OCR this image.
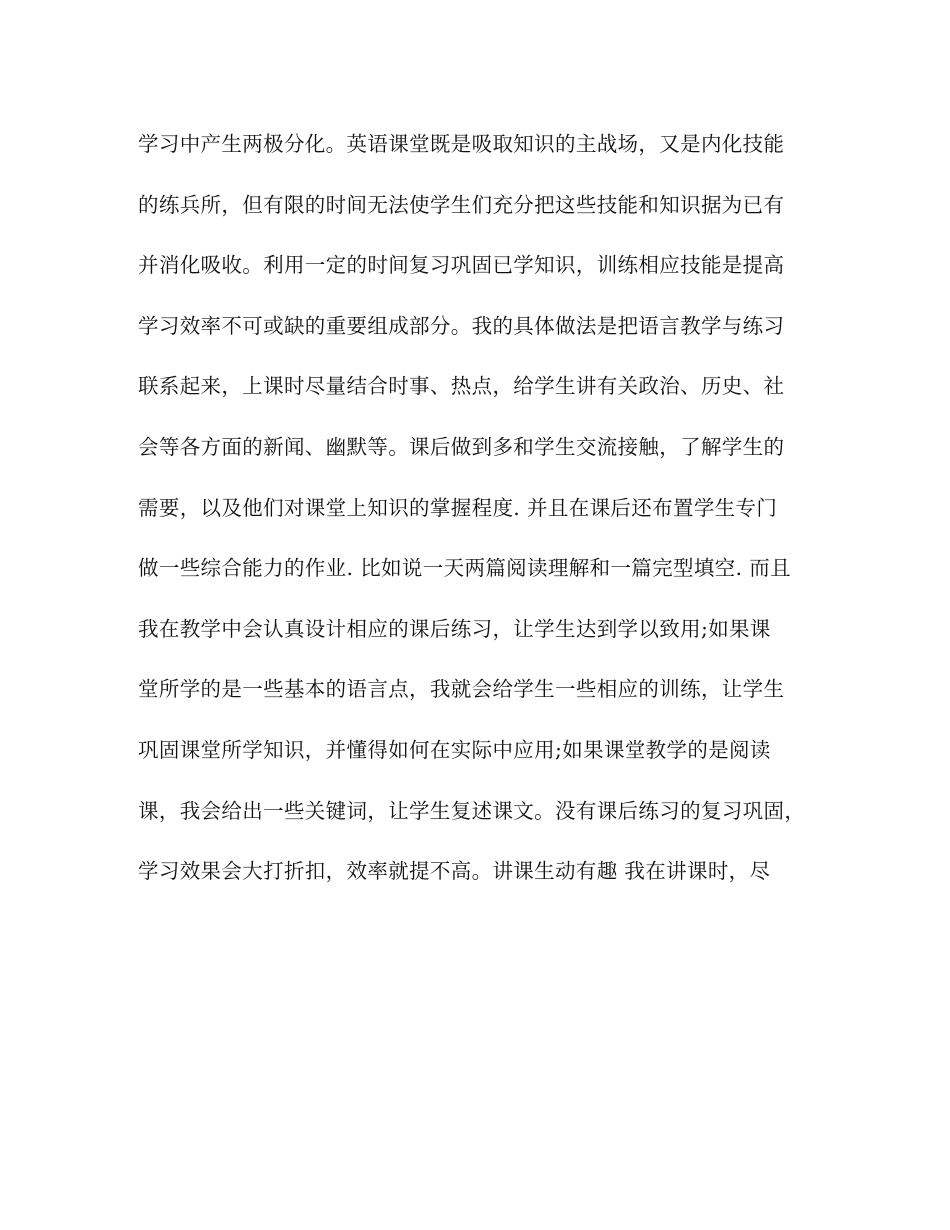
学习中产生两极分化。英语课堂既是吸取知识的主战场，又是内化技能
的练兵所，但有限的时间无法使学生们充分把这些技能和知识据为已有
并消化吸收。利用一定的时间复习巩固已学知识，训练相应技能是提高
学习效率不可或缺的重要组成部分。我的具体做法是把语言教学与练习
联系起来，上课时尽量结合时事、热点，给学生讲有关政治、历史、社
会等各方面的新闻、幽默等。课后做到多和学生交流接触，了解学生的
需要，以及他们对课堂上知识的掌握程度. 并且在课后还布置学生专门
做一些综合能力的作业. 比如说一天两篇阅读理解和一篇完型填空. 而且
我在教学中会认真设计相应的课后练习，让学生达到学以致用;如果课
堂所学的是一些基本的语言点，我就会给学生一些相应的训练，让学生
巩固课堂所学知识，并懂得如何在实际中应用;如果课堂教学的是阅读
课，我会给出一些关键词，让学生复述课文。没有课后练习的复习巩固，
学习效果会大打折扣，效率就提不高。讲课生动有趣 我在讲课时，尽
